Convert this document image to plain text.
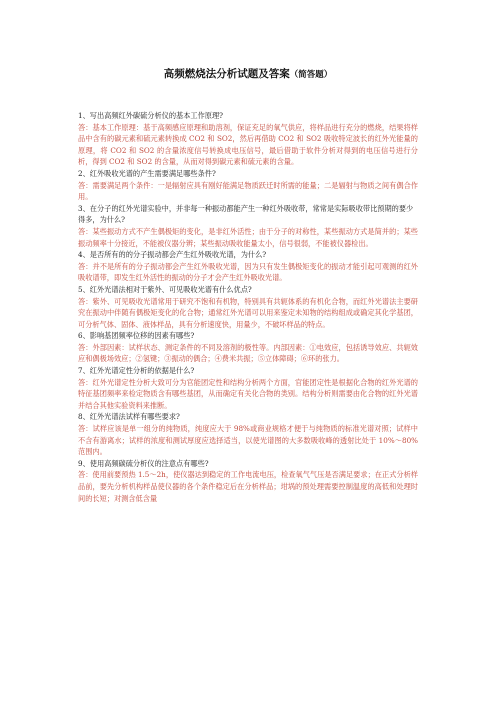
高频燃烧法分析试题及答案（简答题）
1、写出高频红外碳硫分析仪的基本工作原理?
答：基本工作原理：基于高频感应原理和助溶剂，保证充足的氧气供应，将样品进行充分的燃烧，结果将样品中含有的碳元素和硫元素转换成 CO2 和 SO2，然后再借助 CO2 和 SO2 吸收特定波长的红外光能量的原理，将 CO2 和 SO2 的含量浓度信号转换成电压信号，最后借助于软件分析对得到的电压信号进行分析，得到 CO2 和 SO2 的含量，从而对得到碳元素和硫元素的含量。
2、红外吸收光谱的产生需要满足哪些条件?
答：需要满足两个条件：一是辐射应具有刚好能满足物质跃迁时所需的能量；二是辐射与物质之间有偶合作用。
3、在分子的红外光谱实验中，并非每一种振动都能产生一种红外吸收带，常常是实际吸收带比预期的要少得多，为什么?
答：某些振动方式不产生偶极矩的变化，是非红外活性；由于分子的对称性，某些振动方式是简并的；某些振动频率十分接近，不能被仪器分辨；某些振动吸收能量太小，信号很弱，不能被仪器检出。
4、是否所有的的分子振动都会产生红外吸收光谱，为什么?
答：并不是所有的分子振动都会产生红外吸收光谱，因为只有发生偶极矩变化的振动才能引起可观测的红外吸收谱带，即发生红外活性的振动的分子才会产生红外吸收光谱。
5、红外光谱法相对于紫外、可见吸收光谱有什么优点?
答：紫外、可见吸收光谱常用于研究不饱和有机物，特别具有共轭体系的有机化合物，而红外光谱法主要研究在振动中伴随有偶极矩变化的化合物；通常红外光谱可以用来鉴定未知物的结构组成或确定其化学基团，可分析气体、固体、液体样品，具有分析速度快，用量少，不破坏样品的特点。
6、影响基团频率位移的因素有哪些?
答：外部因素：试样状态、测定条件的不同及溶剂的极性等。内部因素：①电效应，包括诱导效应、共轭效应和偶极场效应；②氢键；③振动的偶合；④费米共振；⑤立体障碍；⑥环的张力。
7、红外光谱定性分析的依据是什么?
答：红外光谱定性分析大致可分为官能团定性和结构分析两个方面，官能团定性是根据化合物的红外光谱的特征基团频率来检定物质含有哪些基团，从而确定有关化合物的类别。结构分析则需要由化合物的红外光谱并结合其他实验资料来推断。
8、红外光谱法试样有哪些要求?
答：试样应该是单一组分的纯物质，纯度应大于 98%或商业规格才便于与纯物质的标准光谱对照；试样中不含有游离水；试样的浓度和测试厚度应选择适当，以使光谱图的大多数吸收峰的透射比处于 10%～80%范围内。
9、使用高频碳硫分析仪的注意点有哪些?
答：使用前要预热 1.5～2h，使仪器达到稳定的工作电流电压，检查氧气气压是否满足要求；在正式分析样品前，要先分析机构样品使仪器的各个条件稳定后在分析样品；坩埚的预处理需要控制温度的高低和处理时间的长短；对测含低含量
